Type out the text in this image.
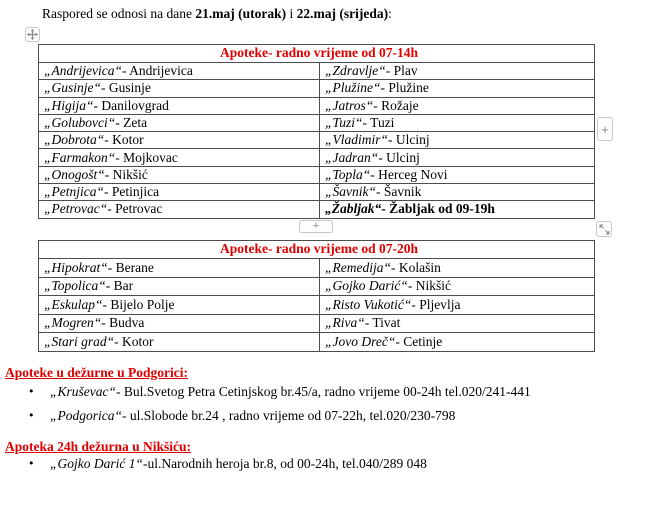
Raspored se odnosi na dane 21.maj (utorak) i 22.maj (srijeda):
Apoteke- radno vrijeme od 07-14h	
„Andrijevica“- Andrijevica	„Zdravlje“- Plav
„Gusinje“- Gusinje	„Plužine“- Plužine
„Higija“- Danilovgrad	„Jatros“- Rožaje
„Golubovci“- Zeta	„Tuzi“- Tuzi
„Dobrota“- Kotor	„Vladimir“- Ulcinj
„Farmakon“- Mojkovac	„Jadran“- Ulcinj
„Onogošt“- Nikšić	„Topla“- Herceg Novi
„Petnjica“- Petinjica	„Šavnik“- Šavnik
„Petrovac“- Petrovac	„Žabljak“- Žabljak od 09-19h
+
+
Apoteke- radno vrijeme od 07-20h	
„Hipokrat“- Berane	„Remedija“- Kolašin
„Topolica“- Bar	„Gojko Darić“- Nikšić
„Eskulap“- Bijelo Polje	„Risto Vukotić“- Pljevlja
„Mogren“- Budva	„Riva“- Tivat
„Stari grad“- Kotor	„Jovo Dreč“- Cetinje
Apoteke u dežurne u Podgorici:
•	„Kruševac“- Bul.Svetog Petra Cetinjskog br.45/a, radno vrijeme 00-24h tel.020/241-441
•	„Podgorica“- ul.Slobode br.24 , radno vrijeme od 07-22h, tel.020/230-798
Apoteka 24h dežurna u Nikšiću:
•	„Gojko Darić 1“-ul.Narodnih heroja br.8, od 00-24h, tel.040/289 048
